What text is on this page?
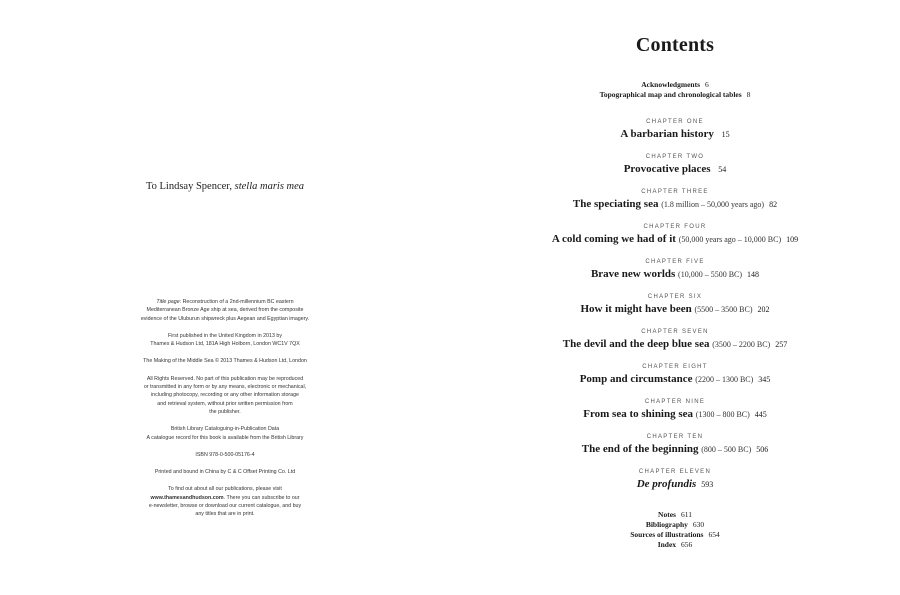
To Lindsay Spencer, stella maris mea

Title page: Reconstruction of a 2nd-millennium BC eastern
Mediterranean Bronze Age ship at sea, derived from the composite
evidence of the Uluburun shipwreck plus Aegean and Egyptian imagery.

First published in the United Kingdom in 2013 by
Thames & Hudson Ltd, 181A High Holborn, London WC1V 7QX

The Making of the Middle Sea © 2013 Thames & Hudson Ltd, London

All Rights Reserved. No part of this publication may be reproduced
or transmitted in any form or by any means, electronic or mechanical,
including photocopy, recording or any other information storage
and retrieval system, without prior written permission from
the publisher.

British Library Cataloguing-in-Publication Data
A catalogue record for this book is available from the British Library

ISBN 978-0-500-05176-4

Printed and bound in China by C & C Offset Printing Co. Ltd

To find out about all our publications, please visit
www.thamesandhudson.com. There you can subscribe to our
e-newsletter, browse or download our current catalogue, and buy
any titles that are in print.

Contents
Acknowledgments 6
Topographical map and chronological tables 8
CHAPTER ONE
A barbarian history 15
CHAPTER TWO
Provocative places 54
CHAPTER THREE
The speciating sea (1.8 million – 50,000 years ago) 82
CHAPTER FOUR
A cold coming we had of it (50,000 years ago – 10,000 BC) 109
CHAPTER FIVE
Brave new worlds (10,000 – 5500 BC) 148
CHAPTER SIX
How it might have been (5500 – 3500 BC) 202
CHAPTER SEVEN
The devil and the deep blue sea (3500 – 2200 BC) 257
CHAPTER EIGHT
Pomp and circumstance (2200 – 1300 BC) 345
CHAPTER NINE
From sea to shining sea (1300 – 800 BC) 445
CHAPTER TEN
The end of the beginning (800 – 500 BC) 506
CHAPTER ELEVEN
De profundis 593
Notes 611
Bibliography 630
Sources of illustrations 654
Index 656
